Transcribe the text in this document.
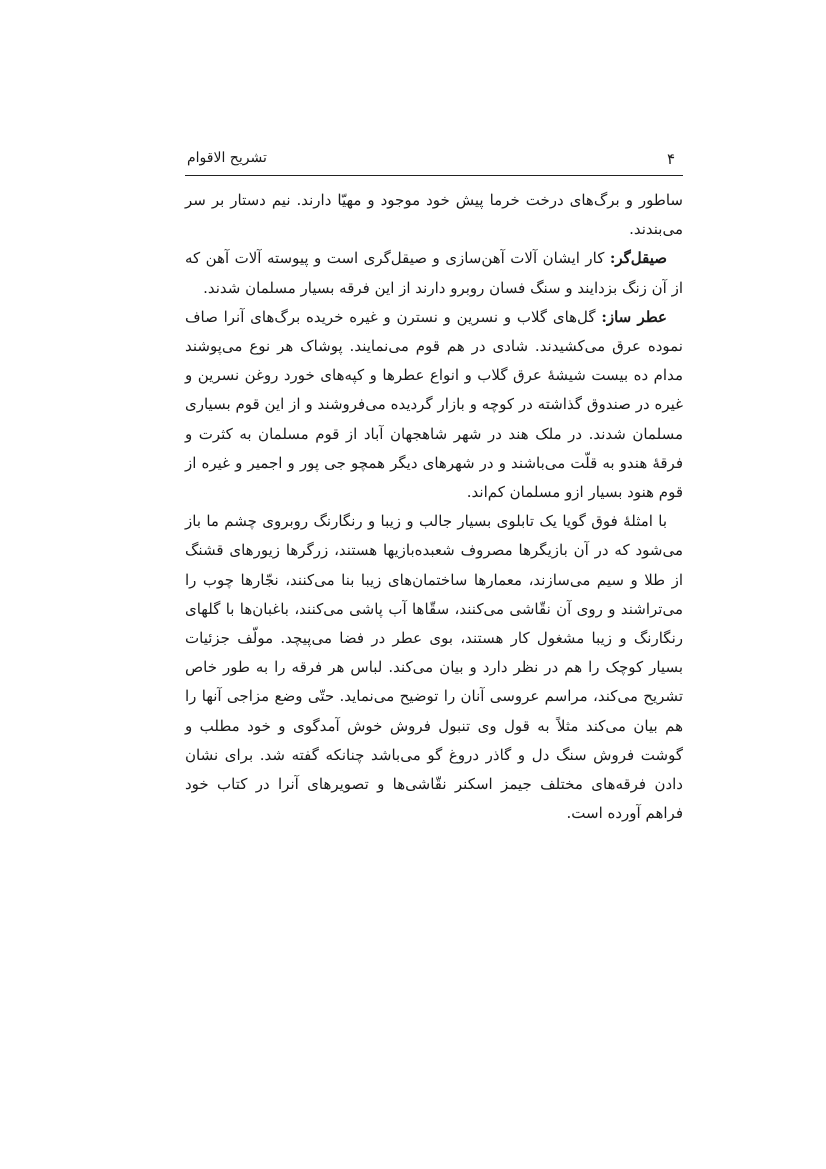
۴
تشریح الاقوام

ساطور و برگ‌های درخت خرما پیش خود موجود و مهیّا دارند. نیم دستار بر سر می‌بندند.

صیقل‌گر: کار ایشان آلات آهن‌سازی و صیقل‌گری است و پیوسته آلات آهن که از آن زنگ بزدایند و سنگ فسان روبرو دارند از این فرقه بسیار مسلمان شدند.

عطر ساز: گل‌های گلاب و نسرین و نسترن و غیره خریده برگ‌های آنرا صاف نموده عرق می‌کشیدند. شادی در هم قوم می‌نمایند. پوشاک هر نوع می‌پوشند مدام ده بیست شیشهٔ عرق گلاب و انواع عطرها و کپه‌های خورد روغن نسرین و غیره در صندوق گذاشته در کوچه و بازار گردیده می‌فروشند و از این قوم بسیاری مسلمان شدند. در ملک هند در شهر شاهجهان آباد از قوم مسلمان به کثرت و فرقهٔ هندو به قلّت می‌باشند و در شهرهای دیگر همچو جی پور و اجمیر و غیره از قوم هنود بسیار ازو مسلمان کم‌اند.

با امثلهٔ فوق گویا یک تابلوی بسیار جالب و زیبا و رنگارنگ روبروی چشم ما باز می‌شود که در آن بازیگرها مصروف شعبده‌بازیها هستند، زرگرها زیورهای قشنگ از طلا و سیم می‌سازند، معمارها ساختمان‌های زیبا بنا می‌کنند، نجّارها چوب را می‌تراشند و روی آن نقّاشی می‌کنند، سقّاها آب پاشی می‌کنند، باغبان‌ها با گلهای رنگارنگ و زیبا مشغول کار هستند، بوی عطر در فضا می‌پیچد. مولّف جزئیات بسیار کوچک را هم در نظر دارد و بیان می‌کند. لباس هر فرقه را به طور خاص تشریح می‌کند، مراسم عروسی آنان را توضیح می‌نماید. حتّی وضع مزاجی آنها را هم بیان می‌کند مثلاً به قول وی تنبول فروش خوش آمدگوی و خود مطلب و گوشت فروش سنگ دل و گاذر دروغ گو می‌باشد چنانکه گفته شد. برای نشان دادن فرقه‌های مختلف جیمز اسکنر نقّاشی‌ها و تصویرهای آنرا در کتاب خود فراهم آورده است.
